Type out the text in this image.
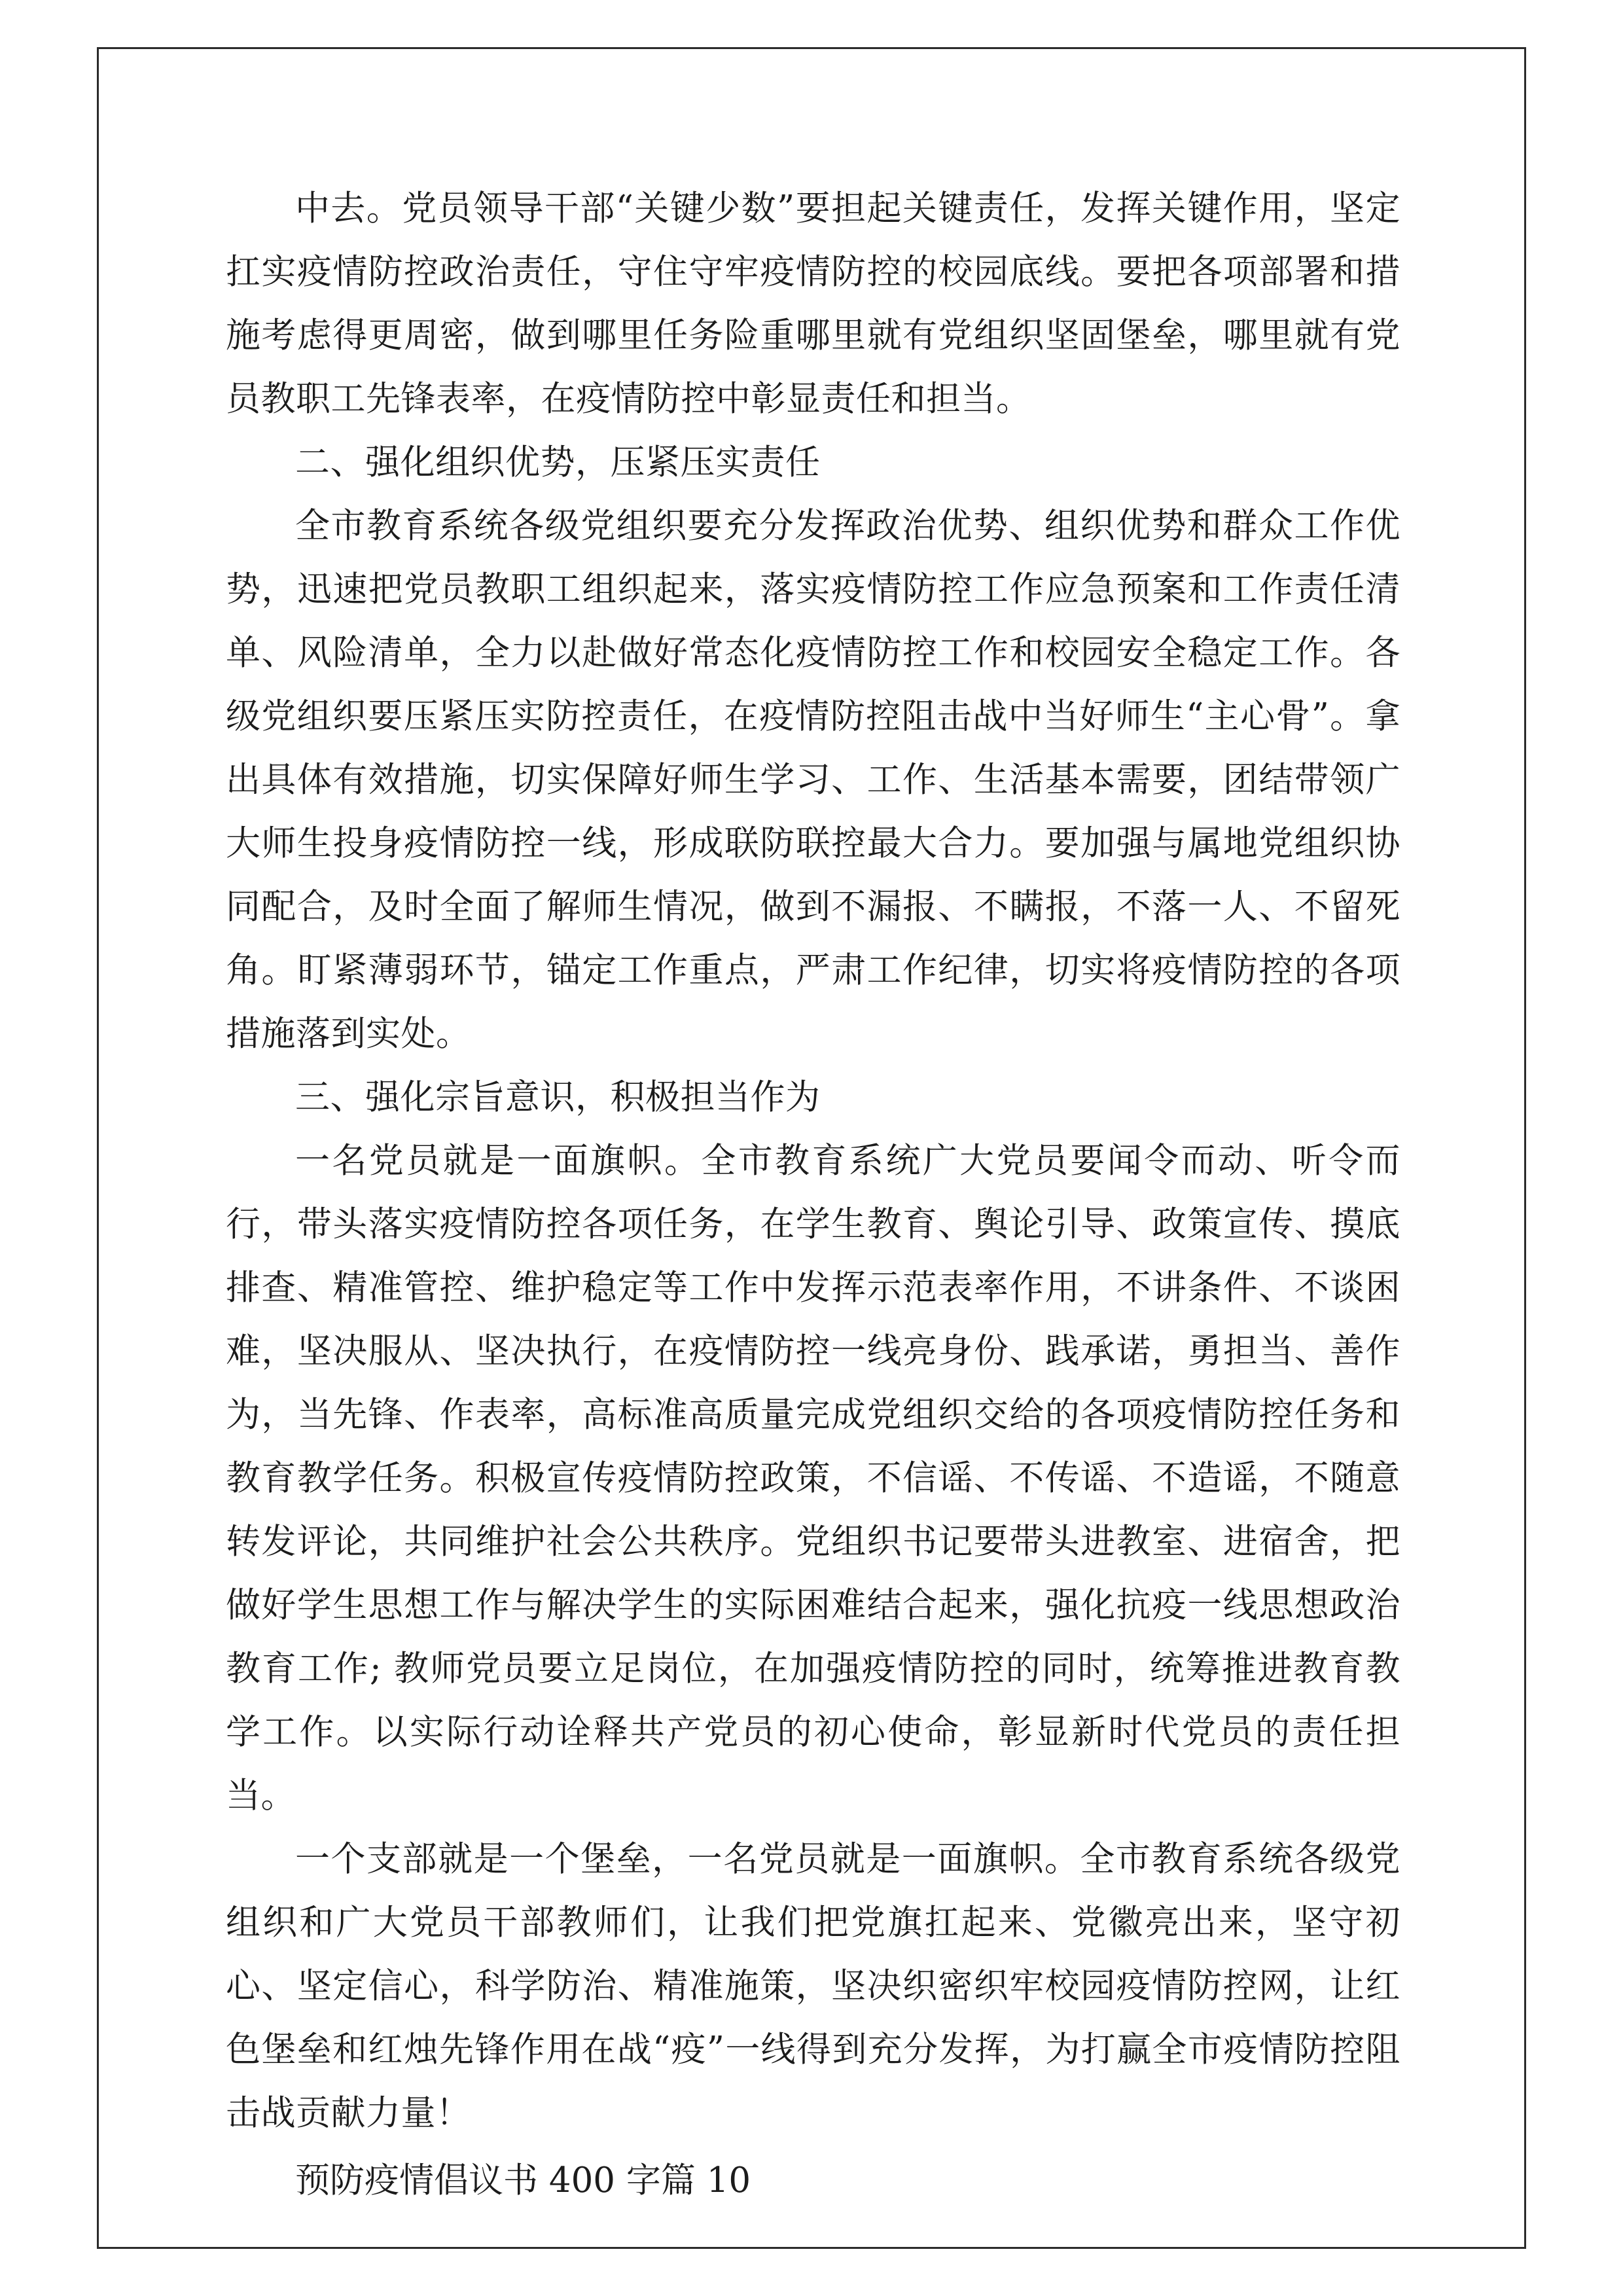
中去。党员领导干部“关键少数”要担起关键责任，发挥关键作用，坚定扛实疫情防控政治责任，守住守牢疫情防控的校园底线。要把各项部署和措施考虑得更周密，做到哪里任务险重哪里就有党组织坚固堡垒，哪里就有党员教职工先锋表率，在疫情防控中彰显责任和担当。

二、强化组织优势，压紧压实责任

全市教育系统各级党组织要充分发挥政治优势、组织优势和群众工作优势，迅速把党员教职工组织起来，落实疫情防控工作应急预案和工作责任清单、风险清单，全力以赴做好常态化疫情防控工作和校园安全稳定工作。各级党组织要压紧压实防控责任，在疫情防控阻击战中当好师生“主心骨”。拿出具体有效措施，切实保障好师生学习、工作、生活基本需要，团结带领广大师生投身疫情防控一线，形成联防联控最大合力。要加强与属地党组织协同配合，及时全面了解师生情况，做到不漏报、不瞒报，不落一人、不留死角。盯紧薄弱环节，锚定工作重点，严肃工作纪律，切实将疫情防控的各项措施落到实处。

三、强化宗旨意识，积极担当作为

一名党员就是一面旗帜。全市教育系统广大党员要闻令而动、听令而行，带头落实疫情防控各项任务，在学生教育、舆论引导、政策宣传、摸底排查、精准管控、维护稳定等工作中发挥示范表率作用，不讲条件、不谈困难，坚决服从、坚决执行，在疫情防控一线亮身份、践承诺，勇担当、善作为，当先锋、作表率，高标准高质量完成党组织交给的各项疫情防控任务和教育教学任务。积极宣传疫情防控政策，不信谣、不传谣、不造谣，不随意转发评论，共同维护社会公共秩序。党组织书记要带头进教室、进宿舍，把做好学生思想工作与解决学生的实际困难结合起来，强化抗疫一线思想政治教育工作; 教师党员要立足岗位，在加强疫情防控的同时，统筹推进教育教学工作。以实际行动诠释共产党员的初心使命，彰显新时代党员的责任担当。

一个支部就是一个堡垒，一名党员就是一面旗帜。全市教育系统各级党组织和广大党员干部教师们，让我们把党旗扛起来、党徽亮出来，坚守初心、坚定信心，科学防治、精准施策，坚决织密织牢校园疫情防控网，让红色堡垒和红烛先锋作用在战“疫”一线得到充分发挥，为打赢全市疫情防控阻击战贡献力量！

预防疫情倡议书 400 字篇 10
